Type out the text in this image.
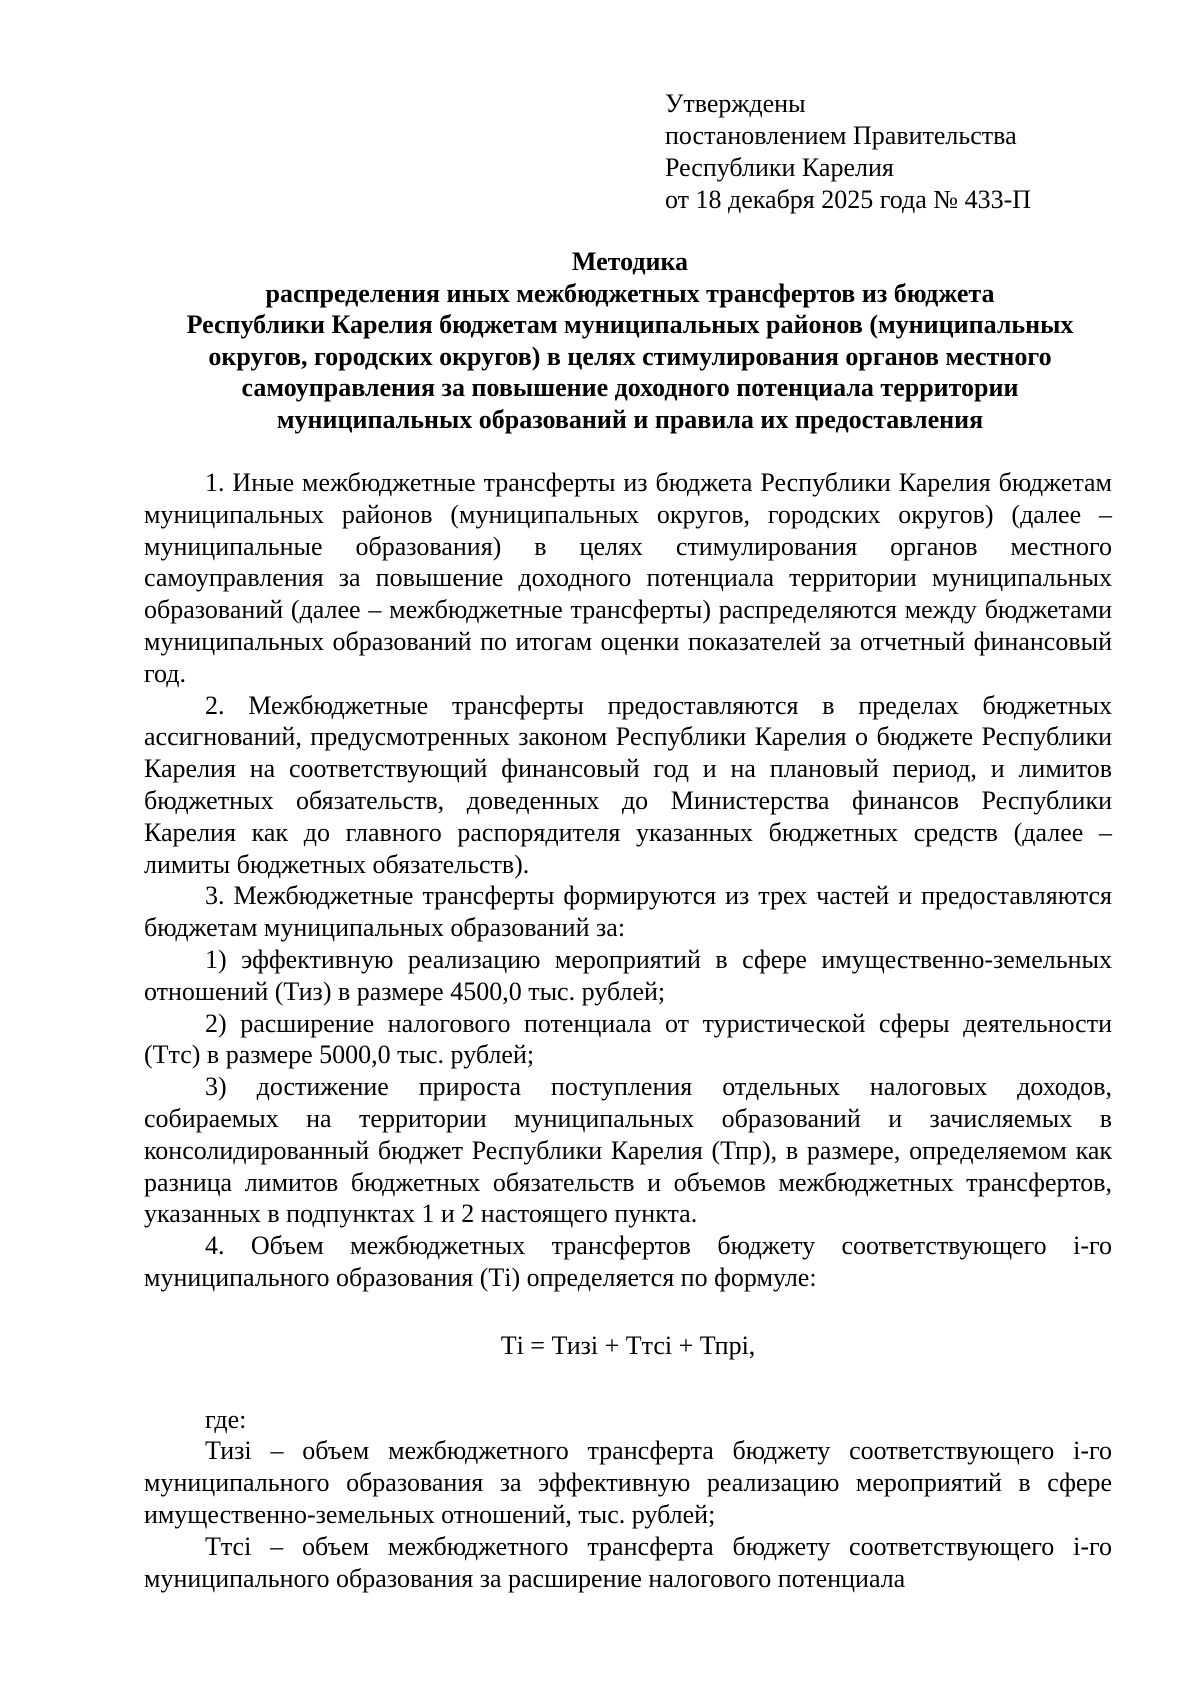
Утверждены
постановлением Правительства
Республики Карелия
от 18 декабря 2025 года № 433-П
Методика
распределения иных межбюджетных трансфертов из бюджета
Республики Карелия бюджетам муниципальных районов (муниципальных
округов, городских округов) в целях стимулирования органов местного
самоуправления за повышение доходного потенциала территории
муниципальных образований и правила их предоставления

1. Иные межбюджетные трансферты из бюджета Республики Карелия бюджетам муниципальных районов (муниципальных округов, городских округов) (далее – муниципальные образования) в целях стимулирования органов местного самоуправления за повышение доходного потенциала территории муниципальных образований (далее – межбюджетные трансферты) распределяются между бюджетами муниципальных образований по итогам оценки показателей за отчетный финансовый год.

2. Межбюджетные трансферты предоставляются в пределах бюджетных ассигнований, предусмотренных законом Республики Карелия о бюджете Республики Карелия на соответствующий финансовый год и на плановый период, и лимитов бюджетных обязательств, доведенных до Министерства финансов Республики Карелия как до главного распорядителя указанных бюджетных средств (далее – лимиты бюджетных обязательств).

3. Межбюджетные трансферты формируются из трех частей и предоставляются бюджетам муниципальных образований за:

1) эффективную реализацию мероприятий в сфере имущественно-земельных отношений (Тиз) в размере 4500,0 тыс. рублей;

2) расширение налогового потенциала от туристической сферы деятельности (Ттс) в размере 5000,0 тыс. рублей;

3) достижение прироста поступления отдельных налоговых доходов, собираемых на территории муниципальных образований и зачисляемых в консолидированный бюджет Республики Карелия (Тпр), в размере, определяемом как разница лимитов бюджетных обязательств и объемов межбюджетных трансфертов, указанных в подпунктах 1 и 2 настоящего пункта.

4. Объем межбюджетных трансфертов бюджету соответствующего i-го муниципального образования (Тi) определяется по формуле:

Тi = Тизi + Ттсi + Тпрi,

где:

Тизi – объем межбюджетного трансферта бюджету соответствующего i-го муниципального образования за эффективную реализацию мероприятий в сфере имущественно-земельных отношений, тыс. рублей;

Ттсi – объем межбюджетного трансферта бюджету соответствующего i-го муниципального образования за расширение налогового потенциала
